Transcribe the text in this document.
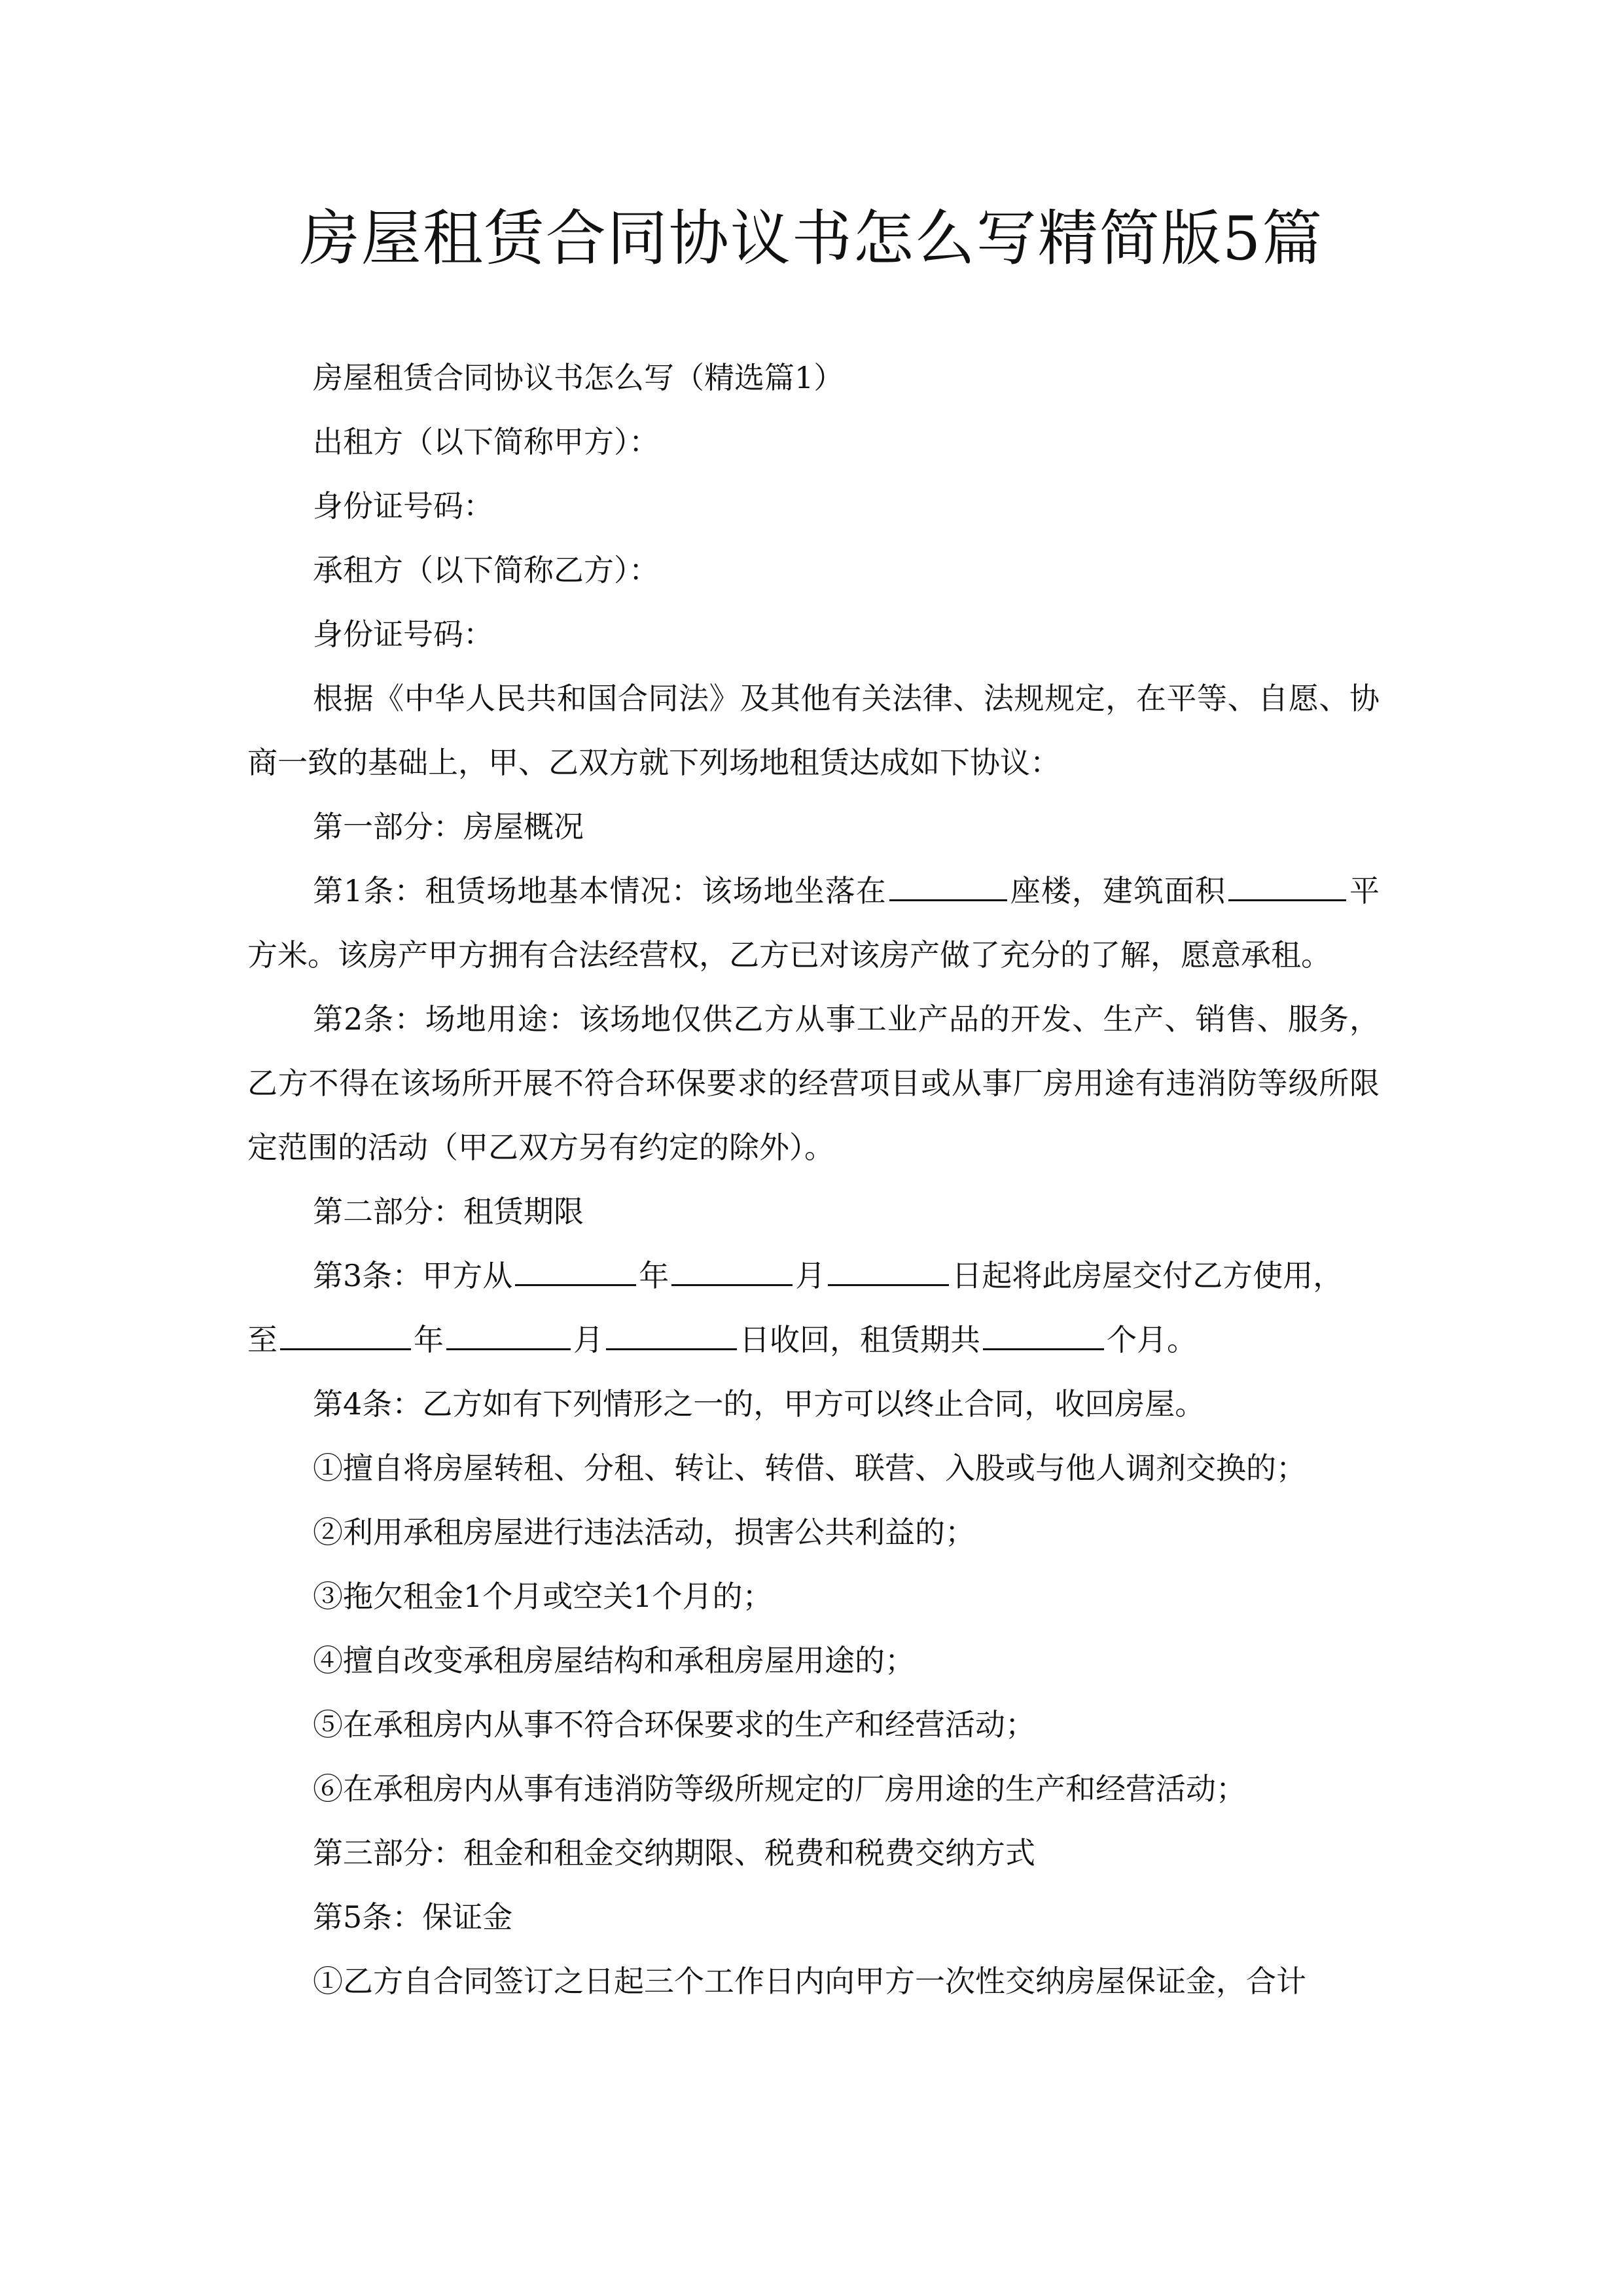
房屋租赁合同协议书怎么写精简版5篇

房屋租赁合同协议书怎么写（精选篇1）

出租方（以下简称甲方）：

身份证号码：

承租方（以下简称乙方）：

身份证号码：

根据《中华人民共和国合同法》及其他有关法律、法规规定，在平等、自愿、协商一致的基础上，甲、乙双方就下列场地租赁达成如下协议：

第一部分：房屋概况

第1条：租赁场地基本情况：该场地坐落在	座楼，建筑面积	平方米。该房产甲方拥有合法经营权，乙方已对该房产做了充分的了解，愿意承租。

第2条：场地用途：该场地仅供乙方从事工业产品的开发、生产、销售、服务，乙方不得在该场所开展不符合环保要求的经营项目或从事厂房用途有违消防等级所限定范围的活动（甲乙双方另有约定的除外）。

第二部分：租赁期限

第3条：甲方从	年	月	日起将此房屋交付乙方使用，

至	年	月	日收回，租赁期共	个月。

第4条：乙方如有下列情形之一的，甲方可以终止合同，收回房屋。

①擅自将房屋转租、分租、转让、转借、联营、入股或与他人调剂交换的；

②利用承租房屋进行违法活动，损害公共利益的；

③拖欠租金1个月或空关1个月的；

④擅自改变承租房屋结构和承租房屋用途的；

⑤在承租房内从事不符合环保要求的生产和经营活动；

⑥在承租房内从事有违消防等级所规定的厂房用途的生产和经营活动；

第三部分：租金和租金交纳期限、税费和税费交纳方式

第5条：保证金

①乙方自合同签订之日起三个工作日内向甲方一次性交纳房屋保证金，合计
